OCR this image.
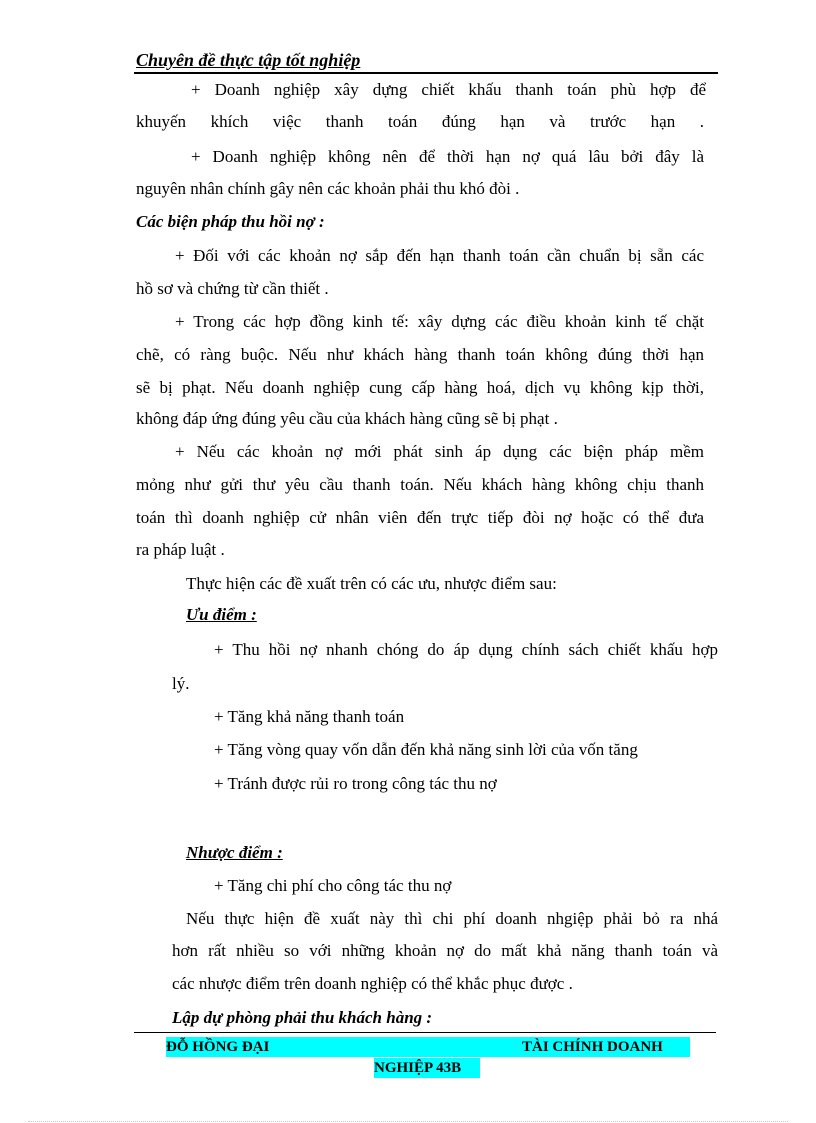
Chuyên đề thực tập tốt nghiệp
+ Doanh nghiệp xây dựng chiết khấu thanh toán phù hợp để
khuyến khích việc thanh toán đúng hạn và trước hạn .
+ Doanh nghiệp không nên để thời hạn nợ quá lâu bởi đây là
nguyên nhân chính gây nên các khoản phải thu khó đòi .
Các biện pháp thu hồi nợ :
+ Đối với các khoản nợ sắp đến hạn thanh toán cần chuẩn bị sẵn các
hồ sơ và chứng từ cần thiết .
+ Trong các hợp đồng kinh tế: xây dựng các điều khoản kinh tế chặt
chẽ, có ràng buộc. Nếu như khách hàng thanh toán không đúng thời hạn
sẽ bị phạt. Nếu doanh nghiệp cung cấp hàng hoá, dịch vụ không kịp thời,
không đáp ứng đúng yêu cầu của khách hàng cũng sẽ bị phạt .
+ Nếu các khoản nợ mới phát sinh áp dụng các biện pháp mềm
mỏng như gửi thư yêu cầu thanh toán. Nếu khách hàng không chịu thanh
toán thì doanh nghiệp cử nhân viên đến trực tiếp đòi nợ hoặc có thể đưa
ra pháp luật .
Thực hiện các đề xuất trên có các ưu, nhược điểm sau:
Ưu điểm :
+ Thu hồi nợ nhanh chóng do áp dụng chính sách chiết khấu hợp
lý.
+ Tăng khả năng thanh toán
+ Tăng vòng quay vốn dẫn đến khả năng sinh lời của vốn tăng
+ Tránh được rủi ro trong công tác thu nợ
Nhược điểm :
+ Tăng chi phí cho công tác thu nợ
Nếu thực hiện đề xuất này thì chi phí doanh nhgiệp phải bỏ ra nhá
hơn rất nhiều so với những khoản nợ do mất khả năng thanh toán và
các nhược điểm trên doanh nghiệp có thể khắc phục được .
Lập dự phòng phải thu khách hàng :
ĐỖ HỒNG ĐẠI	TÀI CHÍNH DOANH
NGHIỆP 43B
